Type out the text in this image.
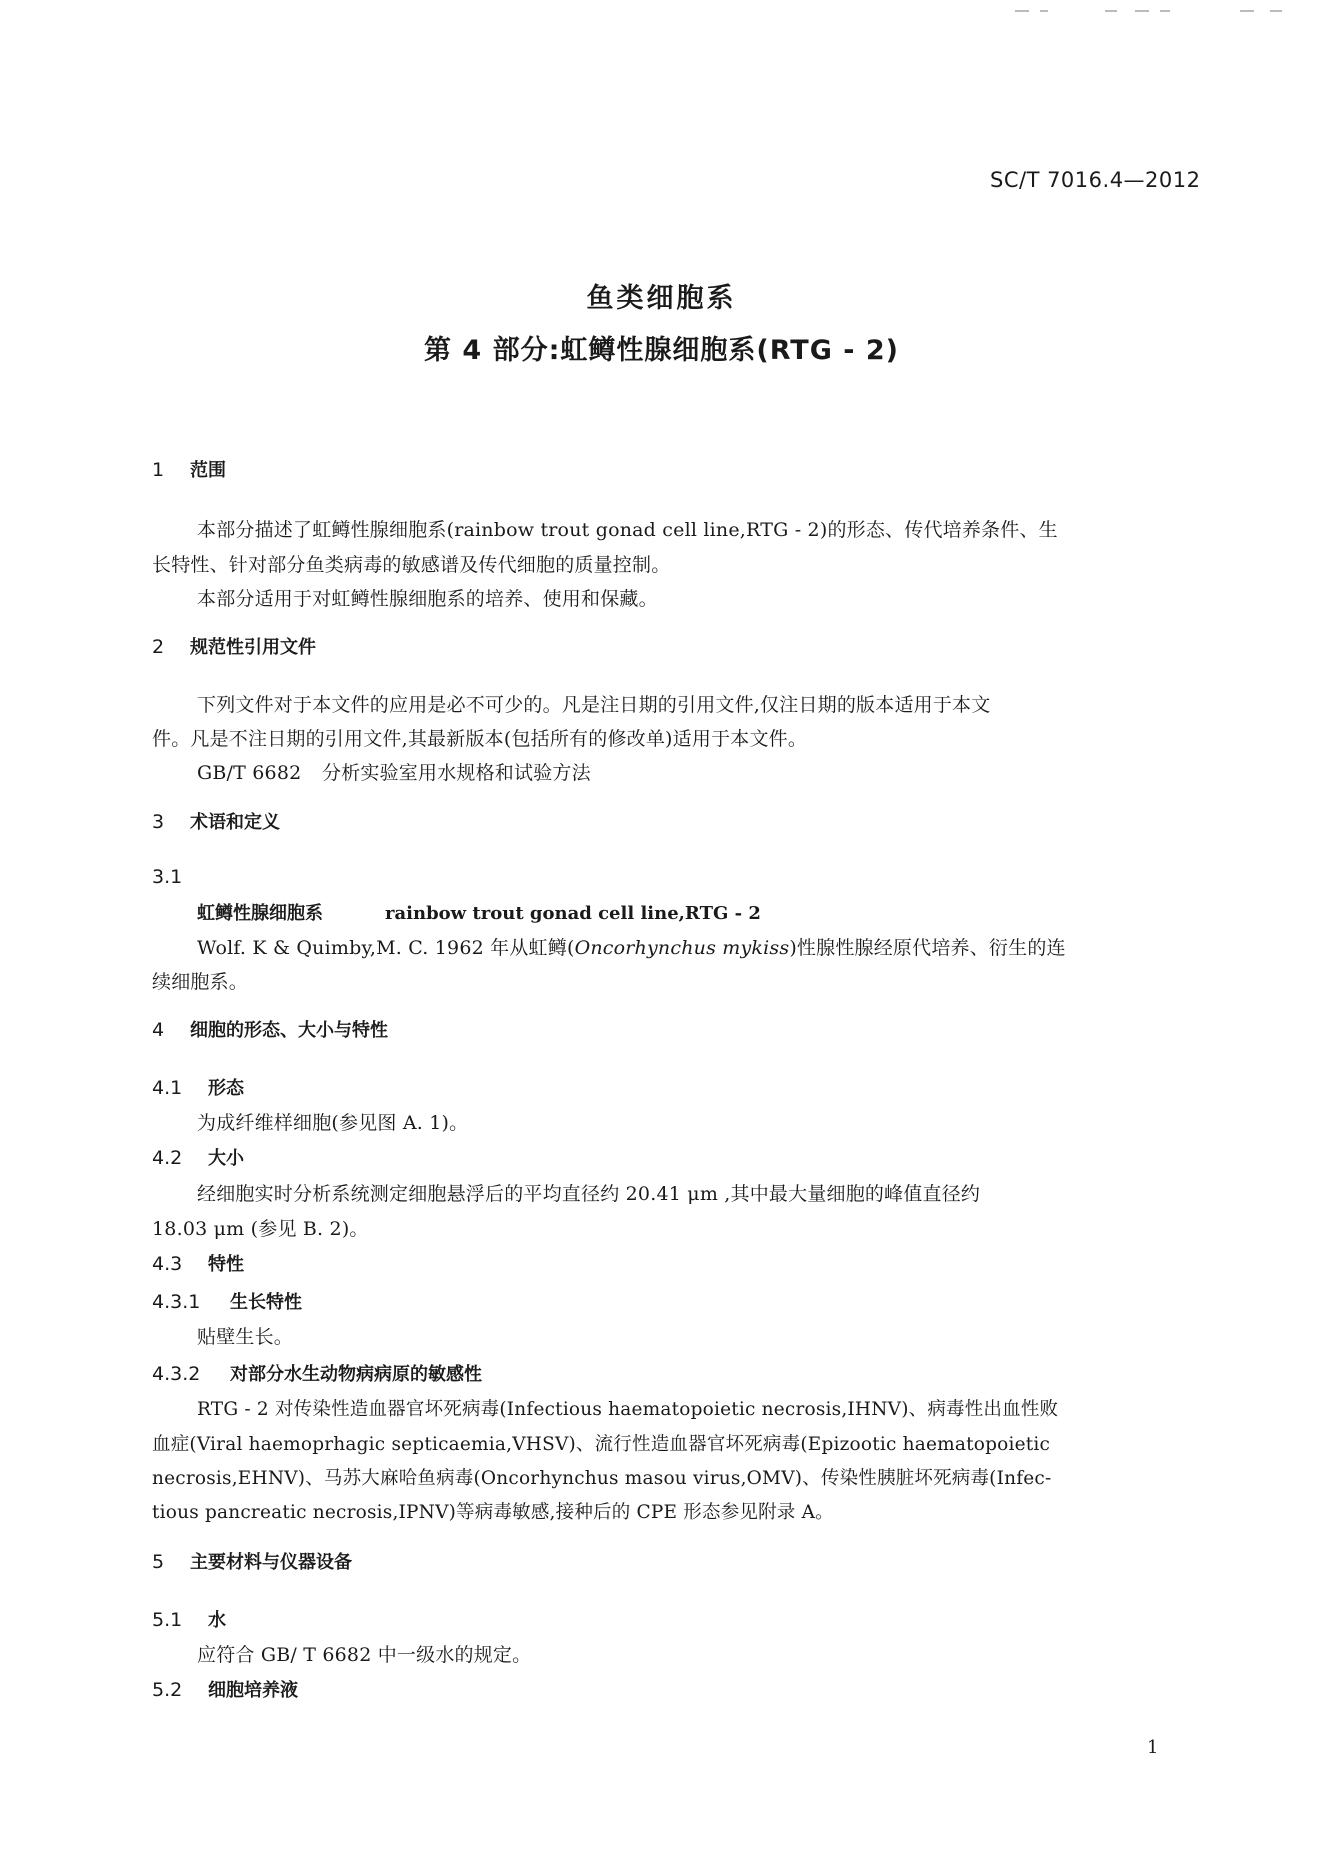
SC/T 7016.4—2012
鱼类细胞系
第 4 部分:虹鳟性腺细胞系(RTG - 2)
1 范围
本部分描述了虹鳟性腺细胞系(rainbow trout gonad cell line,RTG - 2)的形态、传代培养条件、生
长特性、针对部分鱼类病毒的敏感谱及传代细胞的质量控制。
本部分适用于对虹鳟性腺细胞系的培养、使用和保藏。
2 规范性引用文件
下列文件对于本文件的应用是必不可少的。凡是注日期的引用文件,仅注日期的版本适用于本文
件。凡是不注日期的引用文件,其最新版本(包括所有的修改单)适用于本文件。
GB/T 6682 分析实验室用水规格和试验方法
3 术语和定义
3.1
虹鳟性腺细胞系	rainbow trout gonad cell line,RTG - 2
Wolf. K & Quimby,M. C. 1962 年从虹鳟(Oncorhynchus mykiss)性腺性腺经原代培养、衍生的连
续细胞系。
4 细胞的形态、大小与特性
4.1 形态
为成纤维样细胞(参见图 A. 1)。
4.2 大小
经细胞实时分析系统测定细胞悬浮后的平均直径约 20.41 μm ,其中最大量细胞的峰值直径约
18.03 μm (参见 B. 2)。
4.3 特性
4.3.1 生长特性
贴壁生长。
4.3.2 对部分水生动物病病原的敏感性
RTG - 2 对传染性造血器官坏死病毒(Infectious haematopoietic necrosis,IHNV)、病毒性出血性败
血症(Viral haemoprhagic septicaemia,VHSV)、流行性造血器官坏死病毒(Epizootic haematopoietic
necrosis,EHNV)、马苏大麻哈鱼病毒(Oncorhynchus masou virus,OMV)、传染性胰脏坏死病毒(Infec-
tious pancreatic necrosis,IPNV)等病毒敏感,接种后的 CPE 形态参见附录 A。
5 主要材料与仪器设备
5.1 水
应符合 GB/ T 6682 中一级水的规定。
5.2 细胞培养液
1
